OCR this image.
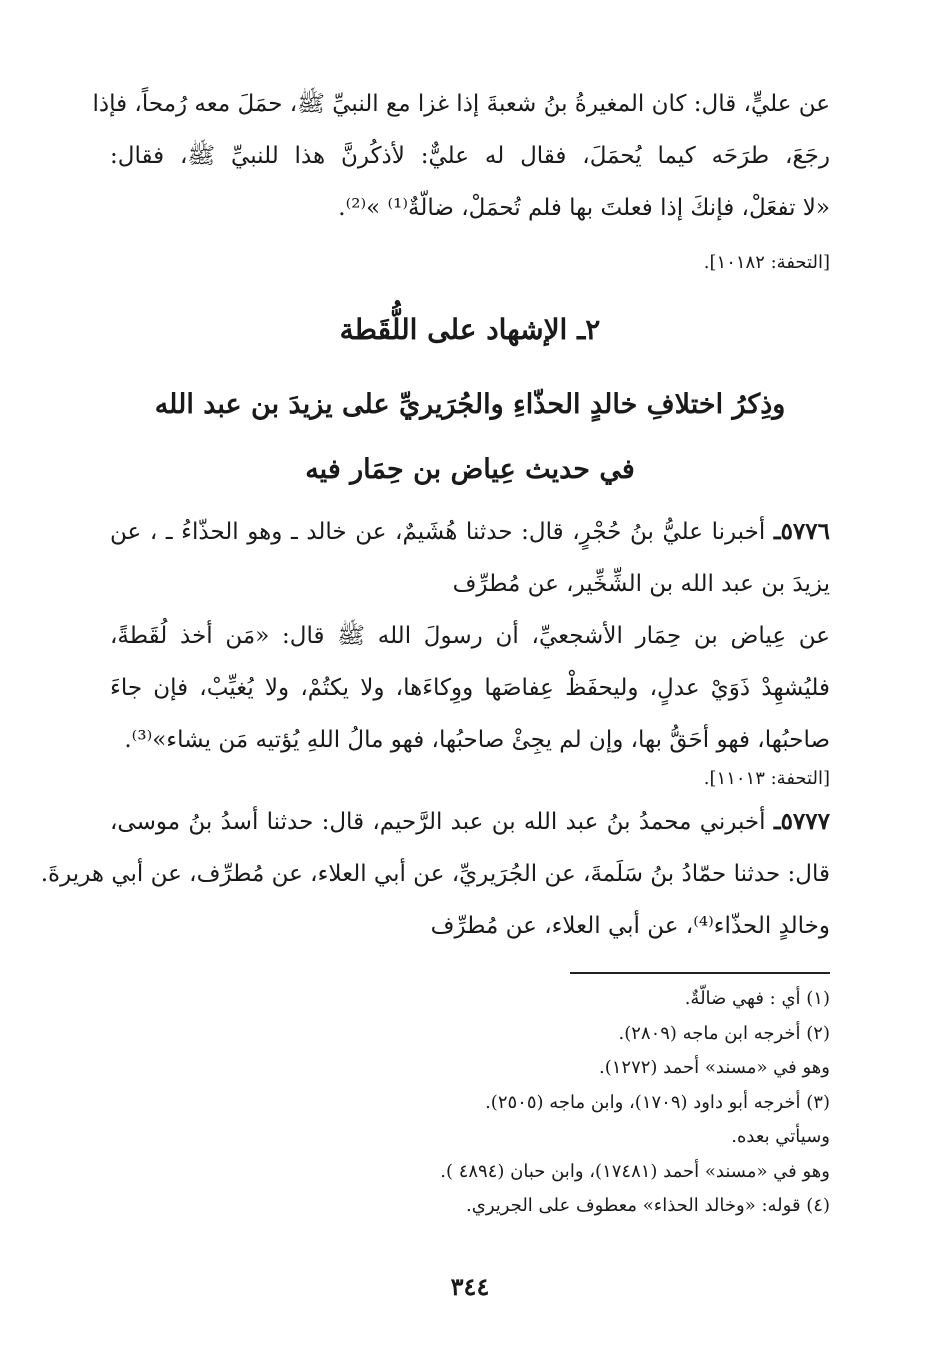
عن عليٍّ، قال: كان المغيرةُ بنُ شعبةَ إذا غزا مع النبيِّ ﷺ، حمَلَ معه رُمحاً، فإذا
رجَعَ، طرَحَه كيما يُحمَلَ، فقال له عليٌّ: لأذكُرنَّ هذا للنبيِّ ﷺ، فقال:
«لا تفعَلْ، فإنكَ إذا فعلتَ بها فلم تُحمَلْ، ضالّةٌ⁽¹⁾ »⁽²⁾.
[التحفة: ١٠١٨٢].
٢ـ الإشهاد على اللُّقَطة
وذِكرُ اختلافِ خالدٍ الحذّاءِ والجُرَيريِّ على يزيدَ بن عبد الله
في حديث عِياض بن حِمَار فيه
٥٧٧٦ـ أخبرنا عليُّ بنُ حُجْرٍ، قال: حدثنا هُشَيمٌ، عن خالد ـ وهو الحذّاءُ ـ ، عن
يزيدَ بن عبد الله بن الشِّخِّير، عن مُطرِّف
عن عِياض بن حِمَار الأشجعيِّ، أن رسولَ الله ﷺ قال: «مَن أخذ لُقَطةً،
فليُشهِدْ ذَوَيْ عدلٍ، وليحفَظْ عِفاصَها ووِكاءَها، ولا يكتُمْ، ولا يُغيِّبْ، فإن جاءَ
صاحبُها، فهو أحَقُّ بها، وإن لم يجِئْ صاحبُها، فهو مالُ اللهِ يُؤتيه مَن يشاء»⁽³⁾.
[التحفة: ١١٠١٣].
٥٧٧٧ـ أخبرني محمدُ بنُ عبد الله بن عبد الرَّحيم، قال: حدثنا أسدُ بنُ موسى،
قال: حدثنا حمّادُ بنُ سَلَمةَ، عن الجُرَيريِّ، عن أبي العلاء، عن مُطرِّف، عن أبي هريرةَ.
وخالدٍ الحذّاء⁽⁴⁾، عن أبي العلاء، عن مُطرِّف
(١) أي : فهي ضالّةٌ.
(٢) أخرجه ابن ماجه (٢٨٠٩).
وهو في «مسند» أحمد (١٢٧٢).
(٣) أخرجه أبو داود (١٧٠٩)، وابن ماجه (٢٥٠٥).
وسيأتي بعده.
وهو في «مسند» أحمد (١٧٤٨١)، وابن حبان (٤٨٩٤ ).
(٤) قوله: «وخالد الحذاء» معطوف على الجريري.
٣٤٤
